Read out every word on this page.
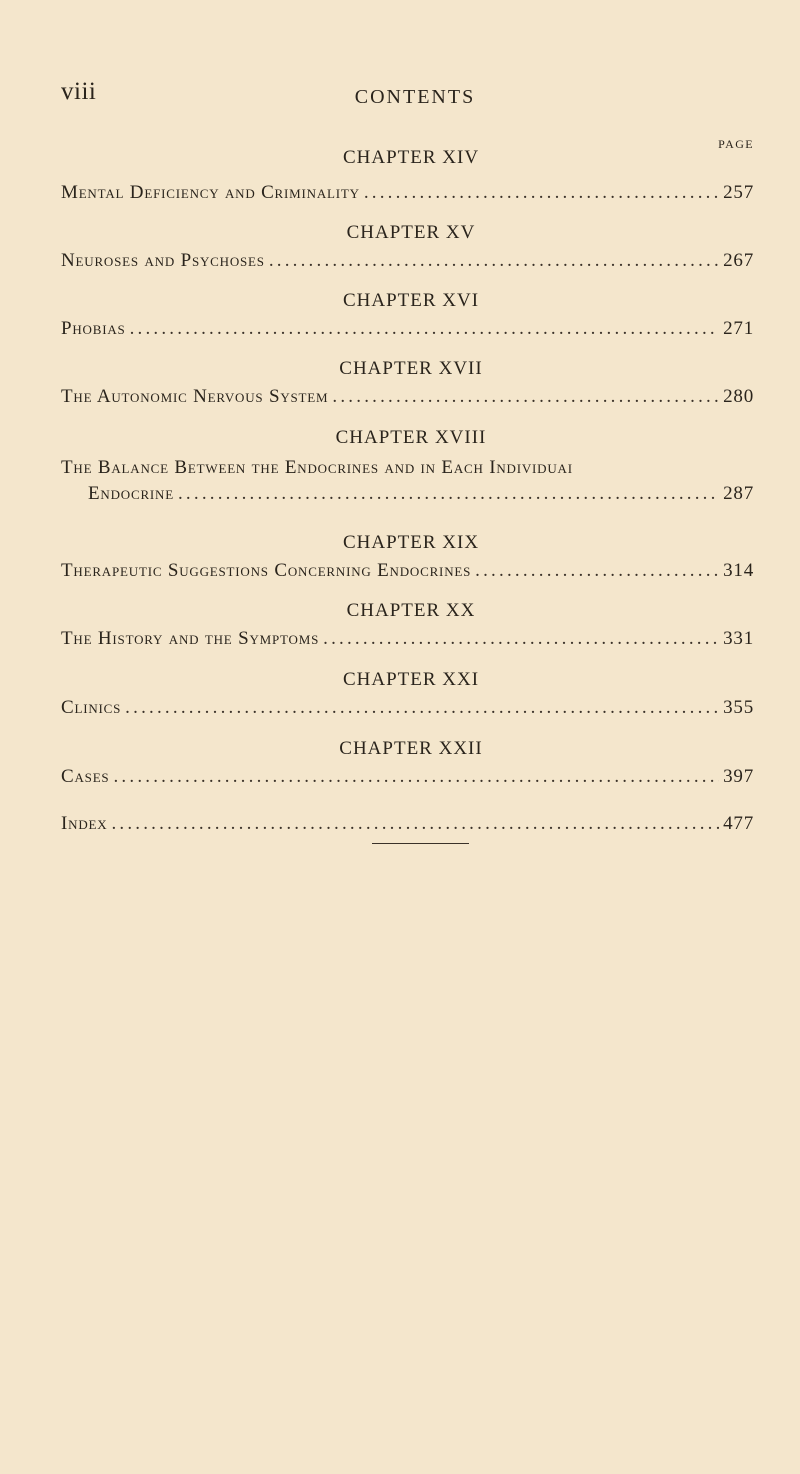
viii	CONTENTS
PAGE
CHAPTER XIV
Mental Deficiency and Criminality .....	257
CHAPTER XV
Neuroses and Psychoses .....	267
CHAPTER XVI
Phobias .....	271
CHAPTER XVII
The Autonomic Nervous System .....	280
CHAPTER XVIII
The Balance Between the Endocrines and in Each Individuai
Endocrine .....	287
CHAPTER XIX
Therapeutic Suggestions Concerning Endocrines .....	314
CHAPTER XX
The History and the Symptoms .....	331
CHAPTER XXI
Clinics .....	355
CHAPTER XXII
Cases .....	397
Index .....	477
